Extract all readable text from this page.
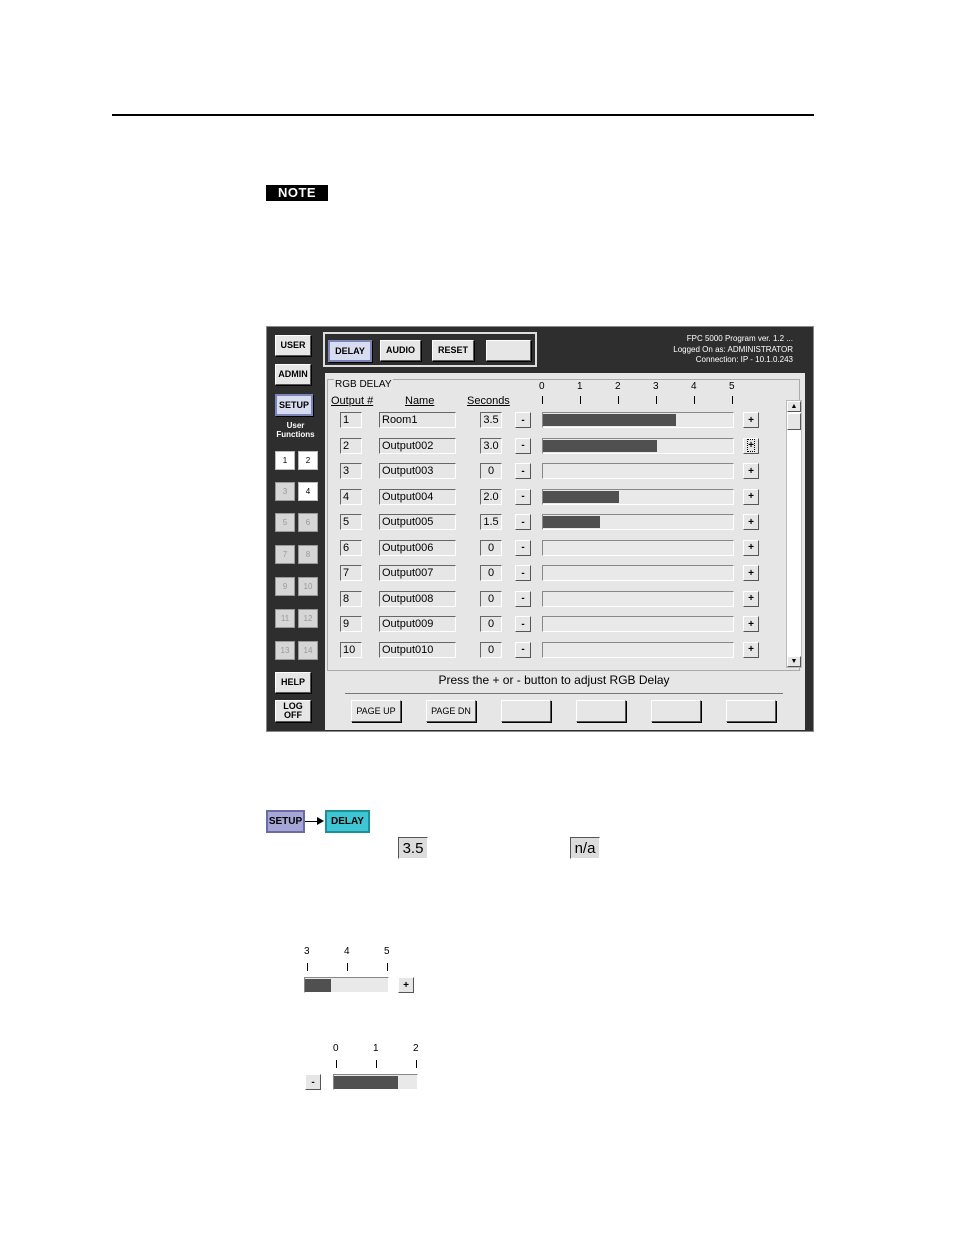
NOTE
USER
ADMIN
SETUP
User
Functions
1	2
3	4
5	6
7	8
9	10
11	12
13	14
HELP
LOG
OFF
DELAY	AUDIO	RESET
FPC 5000 Program ver. 1.2 ...
Logged On as: ADMINISTRATOR
Connection: IP - 10.1.0.243
RGB DELAY
Output #	Name	Seconds
0	1	2	3	4	5
1	Room1	3.5	-	+
2	Output002	3.0	-	+
3	Output003	0	-	+
4	Output004	2.0	-	+
5	Output005	1.5	-	+
6	Output006	0	-	+
7	Output007	0	-	+
8	Output008	0	-	+
9	Output009	0	-	+
10	Output010	0	-	+
▲
▼
Press the + or - button to adjust RGB Delay
PAGE UP	PAGE DN
SETUP	DELAY
3.5	n/a
3	4	5
+
0	1	2
-
